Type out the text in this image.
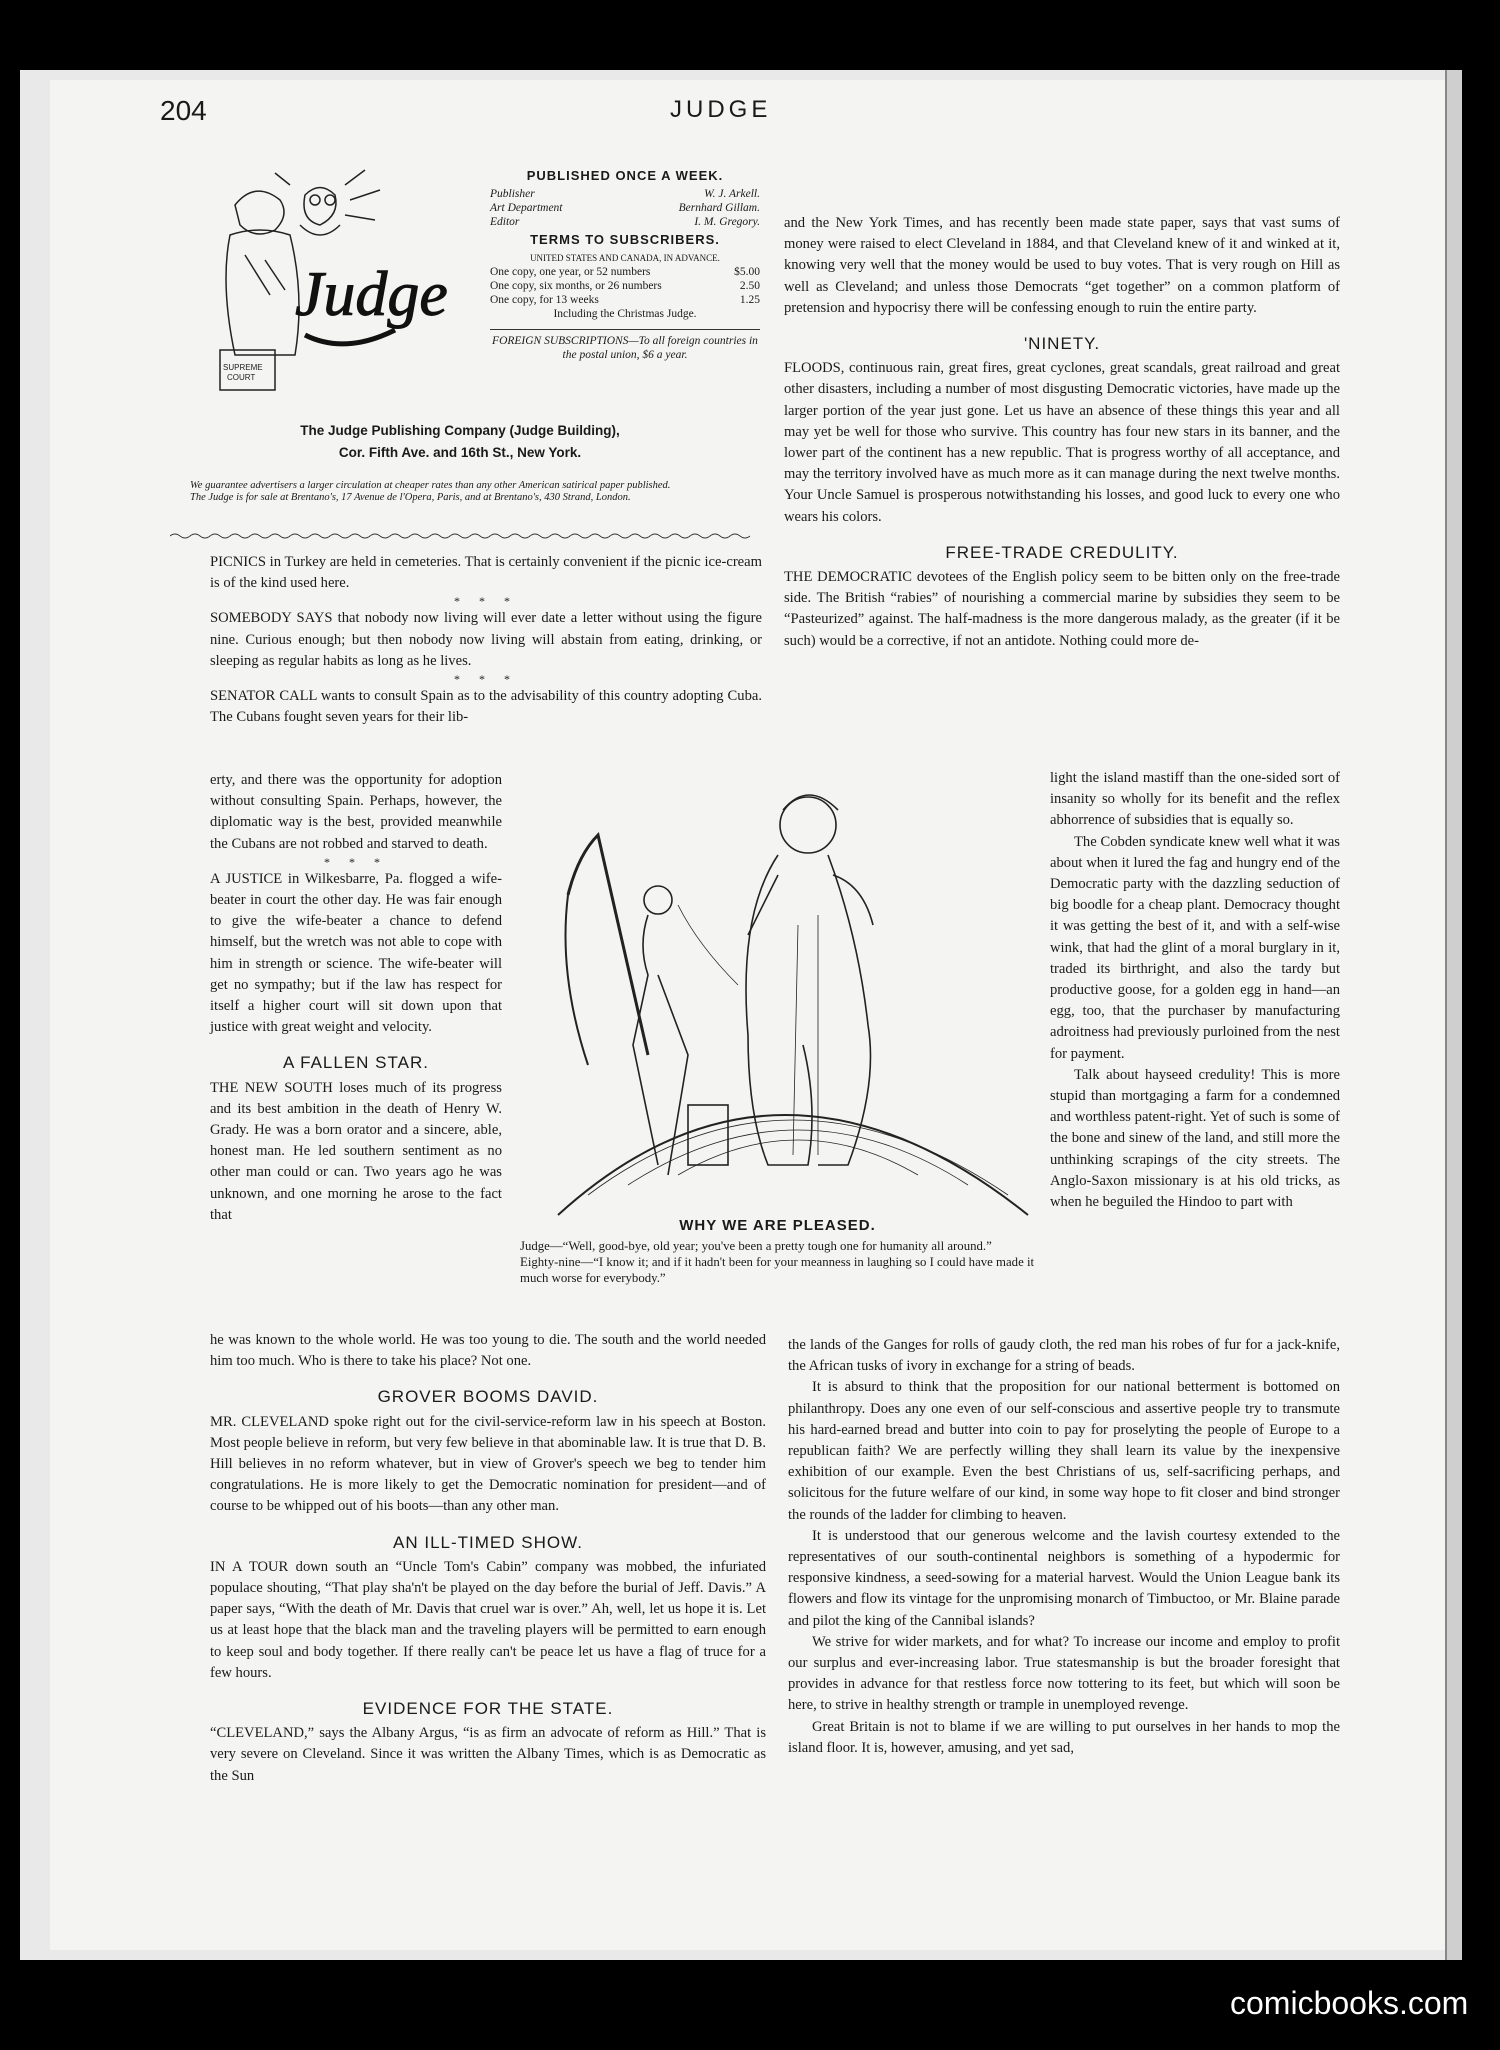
204	JUDGE
SUPREME
COURT
Judge
PUBLISHED ONCE A WEEK.
Publisher	W. J. Arkell.
Art Department	Bernhard Gillam.
Editor	I. M. Gregory.
TERMS TO SUBSCRIBERS.
UNITED STATES AND CANADA, IN ADVANCE.
One copy, one year, or 52 numbers	$5.00
One copy, six months, or 26 numbers	2.50
One copy, for 13 weeks	1.25
Including the Christmas Judge.
FOREIGN SUBSCRIPTIONS—To all foreign countries in the postal union, $6 a year.
The Judge Publishing Company (Judge Building),
Cor. Fifth Ave. and 16th St., New York.
We guarantee advertisers a larger circulation at cheaper rates than any other American satirical paper published.
The Judge is for sale at Brentano's, 17 Avenue de l'Opera, Paris, and at Brentano's, 430 Strand, London.

PICNICS in Turkey are held in cemeteries. That is certainly convenient if the picnic ice-cream is of the kind used here.

* * *

SOMEBODY SAYS that nobody now living will ever date a letter without using the figure nine. Curious enough; but then nobody now living will abstain from eating, drinking, or sleeping as regular habits as long as he lives.

* * *

SENATOR CALL wants to consult Spain as to the advisability of this country adopting Cuba. The Cubans fought seven years for their lib-

erty, and there was the opportunity for adoption without consulting Spain. Perhaps, however, the diplomatic way is the best, provided meanwhile the Cubans are not robbed and starved to death.

* * *

A JUSTICE in Wilkesbarre, Pa. flogged a wife-beater in court the other day. He was fair enough to give the wife-beater a chance to defend himself, but the wretch was not able to cope with him in strength or science. The wife-beater will get no sympathy; but if the law has respect for itself a higher court will sit down upon that justice with great weight and velocity.

A FALLEN STAR.

THE NEW SOUTH loses much of its progress and its best ambition in the death of Henry W. Grady. He was a born orator and a sincere, able, honest man. He led southern sentiment as no other man could or can. Two years ago he was unknown, and one morning he arose to the fact that

WHY WE ARE PLEASED.
Judge—“Well, good-bye, old year; you've been a pretty tough one for humanity all around.”
Eighty-nine—“I know it; and if it hadn't been for your meanness in laughing so I could have made it much worse for everybody.”

he was known to the whole world. He was too young to die. The south and the world needed him too much. Who is there to take his place? Not one.

GROVER BOOMS DAVID.

MR. CLEVELAND spoke right out for the civil-service-reform law in his speech at Boston. Most people believe in reform, but very few believe in that abominable law. It is true that D. B. Hill believes in no reform whatever, but in view of Grover's speech we beg to tender him congratulations. He is more likely to get the Democratic nomination for president—and of course to be whipped out of his boots—than any other man.

AN ILL-TIMED SHOW.

IN A TOUR down south an “Uncle Tom's Cabin” company was mobbed, the infuriated populace shouting, “That play sha'n't be played on the day before the burial of Jeff. Davis.” A paper says, “With the death of Mr. Davis that cruel war is over.” Ah, well, let us hope it is. Let us at least hope that the black man and the traveling players will be permitted to earn enough to keep soul and body together. If there really can't be peace let us have a flag of truce for a few hours.

EVIDENCE FOR THE STATE.

“CLEVELAND,” says the Albany Argus, “is as firm an advocate of reform as Hill.” That is very severe on Cleveland. Since it was written the Albany Times, which is as Democratic as the Sun

and the New York Times, and has recently been made state paper, says that vast sums of money were raised to elect Cleveland in 1884, and that Cleveland knew of it and winked at it, knowing very well that the money would be used to buy votes. That is very rough on Hill as well as Cleveland; and unless those Democrats “get together” on a common platform of pretension and hypocrisy there will be confessing enough to ruin the entire party.

'NINETY.

FLOODS, continuous rain, great fires, great cyclones, great scandals, great railroad and great other disasters, including a number of most disgusting Democratic victories, have made up the larger portion of the year just gone. Let us have an absence of these things this year and all may yet be well for those who survive. This country has four new stars in its banner, and the lower part of the continent has a new republic. That is progress worthy of all acceptance, and may the territory involved have as much more as it can manage during the next twelve months. Your Uncle Samuel is prosperous notwithstanding his losses, and good luck to every one who wears his colors.

FREE-TRADE CREDULITY.

THE DEMOCRATIC devotees of the English policy seem to be bitten only on the free-trade side. The British “rabies” of nourishing a commercial marine by subsidies they seem to be “Pasteurized” against. The half-madness is the more dangerous malady, as the greater (if it be such) would be a corrective, if not an antidote. Nothing could more de-

light the island mastiff than the one-sided sort of insanity so wholly for its benefit and the reflex abhorrence of subsidies that is equally so.

The Cobden syndicate knew well what it was about when it lured the fag and hungry end of the Democratic party with the dazzling seduction of big boodle for a cheap plant. Democracy thought it was getting the best of it, and with a self-wise wink, that had the glint of a moral burglary in it, traded its birthright, and also the tardy but productive goose, for a golden egg in hand—an egg, too, that the purchaser by manufacturing adroitness had previously purloined from the nest for payment.

Talk about hayseed credulity! This is more stupid than mortgaging a farm for a condemned and worthless patent-right. Yet of such is some of the bone and sinew of the land, and still more the unthinking scrapings of the city streets. The Anglo-Saxon missionary is at his old tricks, as when he beguiled the Hindoo to part with

the lands of the Ganges for rolls of gaudy cloth, the red man his robes of fur for a jack-knife, the African tusks of ivory in exchange for a string of beads.

It is absurd to think that the proposition for our national betterment is bottomed on philanthropy. Does any one even of our self-conscious and assertive people try to transmute his hard-earned bread and butter into coin to pay for proselyting the people of Europe to a republican faith? We are perfectly willing they shall learn its value by the inexpensive exhibition of our example. Even the best Christians of us, self-sacrificing perhaps, and solicitous for the future welfare of our kind, in some way hope to fit closer and bind stronger the rounds of the ladder for climbing to heaven.

It is understood that our generous welcome and the lavish courtesy extended to the representatives of our south-continental neighbors is something of a hypodermic for responsive kindness, a seed-sowing for a material harvest. Would the Union League bank its flowers and flow its vintage for the unpromising monarch of Timbuctoo, or Mr. Blaine parade and pilot the king of the Cannibal islands?

We strive for wider markets, and for what? To increase our income and employ to profit our surplus and ever-increasing labor. True statesmanship is but the broader foresight that provides in advance for that restless force now tottering to its feet, but which will soon be here, to strive in healthy strength or trample in unemployed revenge.

Great Britain is not to blame if we are willing to put ourselves in her hands to mop the island floor. It is, however, amusing, and yet sad,

comicbooks.com
